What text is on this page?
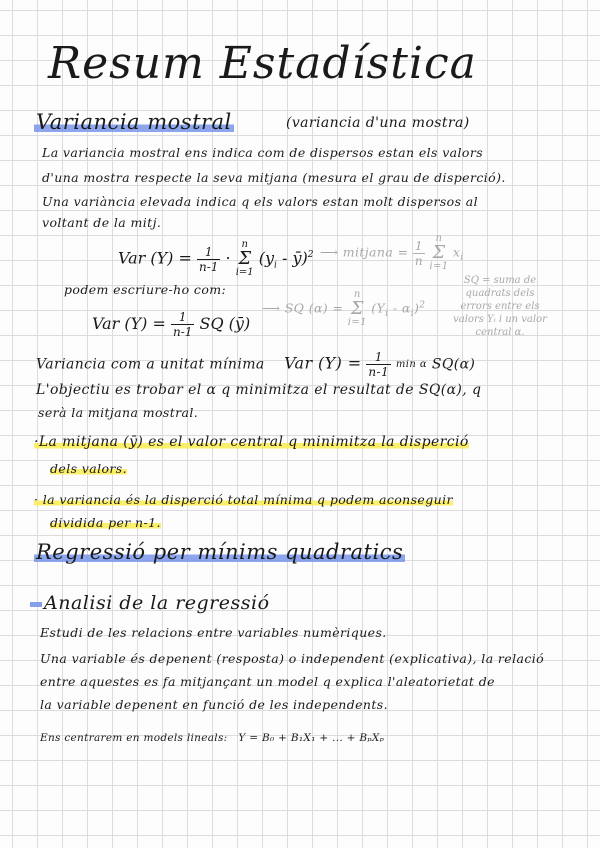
Resum Estadística
Variancia mostral	(variancia d'una mostra)
La variancia mostral ens indica com de dispersos estan els valors
d'una mostra respecte la seva mitjana (mesura el grau de disperció).
Una variància elevada indica q els valors estan molt dispersos al
voltant de la mitj.
Var $(Y) = \frac{1}{n-1} \cdot n$
Σ
i=1 ($y_i$ - ȳ)$^2$ ⟶ mitjana = $\frac{1}{n}$ n
Σ
i=1 $x_i$
podem escriure-ho com:
⟶ SQ (α) = n
Σ
i=1 $(Y_i - \alpha_i)^2$
SQ = suma de quadrats dels errors entre els valors Yᵢ i un valor central α.
Var $(Y) = \frac{1}{n-1}$ SQ (ȳ)
Variancia com a unitat mínima Var $(Y) = \frac{1}{n-1}$ min α SQ(α)
L'objectiu es trobar el α q minimitza el resultat de SQ(α), q
serà la mitjana mostral.
·La mitjana (ȳ) es el valor central q minimitza la disperció
dels valors.
· la variancia és la disperció total mínima q podem aconseguir
dividida per n-1.
Regressió per mínims quadratics
Analisi de la regressió
Estudi de les relacions entre variables numèriques.
Una variable és depenent (resposta) o independent (explicativa), la relació
entre aquestes es fa mitjançant un model q explica l'aleatorietat de
la variable depenent en funció de les independents.
Ens centrarem en models lineals: Y = B₀ + B₁X₁ + ... + BₚXₚ
